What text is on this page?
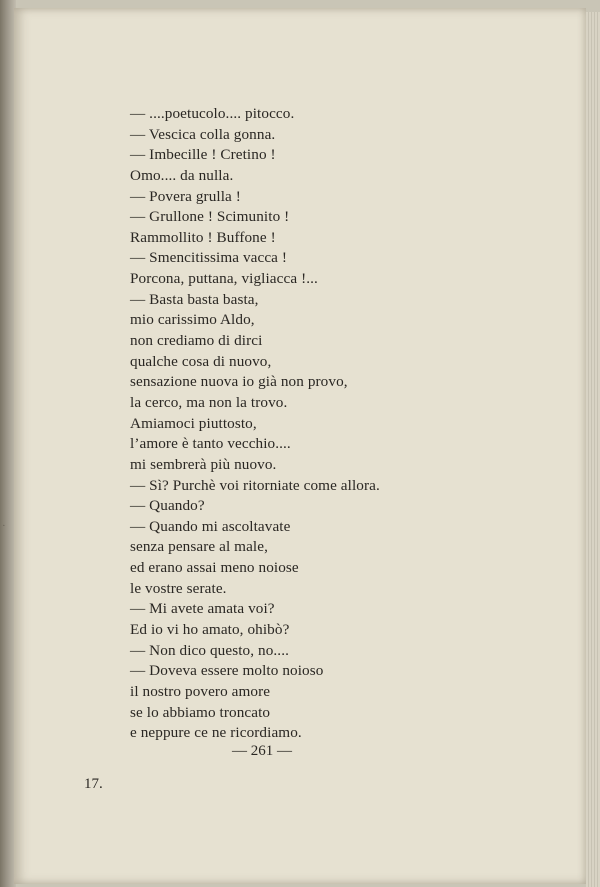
·
— ....poetucolo.... pitocco.
— Vescica colla gonna.
— Imbecille ! Cretino !
Omo.... da nulla.
— Povera grulla !
— Grullone ! Scimunito !
Rammollito ! Buffone !
— Smencitissima vacca !
Porcona, puttana, vigliacca !...
— Basta basta basta,
mio carissimo Aldo,
non crediamo di dirci
qualche cosa di nuovo,
sensazione nuova io già non provo,
la cerco, ma non la trovo.
Amiamoci piuttosto,
l’amore è tanto vecchio....
mi sembrerà più nuovo.
— Sì? Purchè voi ritorniate come allora.
— Quando?
— Quando mi ascoltavate
senza pensare al male,
ed erano assai meno noiose
le vostre serate.
— Mi avete amata voi?
Ed io vi ho amato, ohibò?
— Non dico questo, no....
— Doveva essere molto noioso
il nostro povero amore
se lo abbiamo troncato
e neppure ce ne ricordiamo.
— 261 —
17.
